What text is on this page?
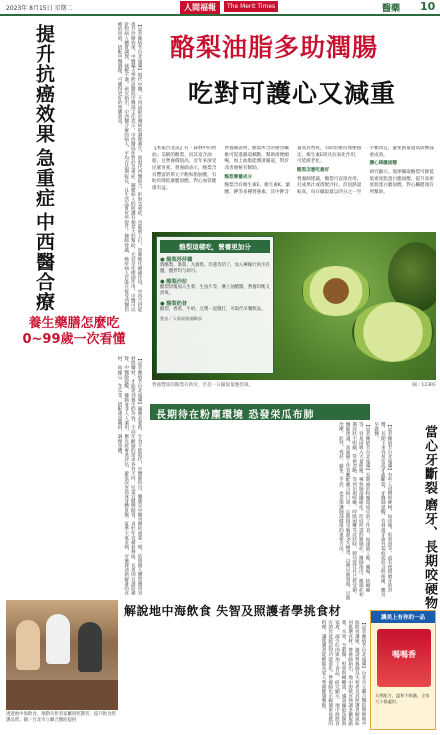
2023年 8月15日 星期二	人間福報	The Merit Times	醫藥 10
中西醫合療
急重症
提升抗癌效果	【記者陳炳芳台北報導】現代中醫，不再局限於傳統的調理養生，與現代西醫結合，針對急重症，也能展上打。如肺癌化療副作用，中西合併能提升治療效果。中醫藥大學附設醫院中醫部主任表示，中西醫協作對於急重症、腫瘤病人的照護有相當大的幫助，尤其是化療副作用，中醫可以針對病人體質調理，減輕不適。研究指出，中西醫合療的病人，平均存活期較長，且生活品質有所提升。醫師建議，癌症病人若能在接受西醫治療的同時，搭配中醫調理，可獲得更好的照護效果。
養生藥膳怎麼吃
0~99歲一次看懂
【記者陳炳芳台北報導】藥膳必要時，生食不能取代，中醫師指出，藥膳是中醫食療的重要一環，依照個人體質選用食材與藥材，才能達到養生的功效。不同年齡層的需求各有不同，兒童宜健脾開胃，青壯年宜補氣養血，長者則宜滋陰補腎。中醫師提醒，藥膳並非人人適用，應先經專業評估，避免誤食造成身體負擔。夏季天氣炎熱，可選擇清熱解暑的食材，如綠豆、冬瓜等，搭配適量藥材，調理身體。
酪梨油脂多助潤腸
吃對可護心又減重

【本報台北訊】有「森林中的奶油」美稱的酪梨，因其富含油脂，且營養價值高，近年來深受民眾喜愛。營養師表示，酪梨含有豐富的單元不飽和脂肪酸，有助於降低壞膽固醇，對心血管健康有益。

營養師說明，酪梨所含的膳食纖維可促進腸道蠕動，幫助排便順暢，加上油脂能潤滑腸道，對於改善便秘有幫助。

酪梨營養成分

酪梨含有維生素E、維生素K、葉酸、鉀等多種營養素，其中鉀含量高於香蕉，有助於維持血壓穩定。維生素E則具抗氧化作用，可延緩老化。

酪梨怎麼吃最好

營養師建議，酪梨可直接食用、打成果汁或搭配沙拉，但因熱量較高，每日攝取量以四分之一至半顆為宜，避免熱量過高影響減重成效。

護心降膽固醇

研究顯示，規律攝取酪梨可降低低密度脂蛋白膽固醇，提升高密度脂蛋白膽固醇，對心臟健康有所幫助。

酪梨這樣吃，營養更加分
● 酪梨莎莎醬
將酪梨、番茄、九層塔、洋蔥等切丁，加入檸檬汁與少許鹽，攪拌均勻即可。
● 酪梨沙拉
酪梨切塊加入生菜、生魚片等，淋上油醋醬，營養均衡又清爽。
● 酪梨奶昔
酪梨、香蕉、牛奶、豆漿一起攪打，可取代早餐飲品。
製表／人間福報編輯部
營養豐富的酪梨有助於，但是一日攝取量應控制。	圖／123RF
長期待在粉塵環境 恐發栄瓜布肺
【記者陳炳芳台北報導】長期處於粉塵環境中的工作者，如建築工地、礦場、紡織廠等，容易因吸入大量粉塵，導致肺部纖維化，形成所謂的塵肺症。醫師指出，塵肺症初期症狀不明顯，常被忽略，等到出現咳嗽、呼吸困難等症狀時，肺功能往往已經受損。醫師建議，高風險工作者應配戴合格口罩，定期接受胸部X光檢查，以便早期發現、早期治療。此外，戒菸、避免二手菸，也是保護肺部健康的重要方法。	磨牙、長期咬硬物
當心牙斷裂
【記者陳炳芳台北報導】有些人習慣咬硬物，如冰塊、堅果殼等，或有夜間磨牙的習慣，長期下來容易造成牙齒斷裂。牙醫師提醒，若發現牙齒有裂痕或咬合時疼痛，應及早就醫。
讓美上有你的一品
嗎嗎香
天然配方，溫和不刺激，全家大小都適用。
透過地中海飲食，推動失智者家屬與照護者，提升飲食照護品質。圖／台北市立聯合醫院提供
解說地中海飲食 失智及照護者學挑食材
【記者陳炳芳台北報導】台北市立聯合醫院舉辦地中海飲食講座，邀請營養師為失智者及其照護者解說如何挑選食材。營養師指出，地中海飲食強調多攝取蔬菜、水果、全穀類、堅果與橄欖油，適量攝取魚類與家禽，減少紅肉與加工食品。研究顯示，地中海飲食有助於延緩認知功能退化。營養師也示範簡單易做的料理，讓照護者能輕鬆為家人準備健康餐點。
